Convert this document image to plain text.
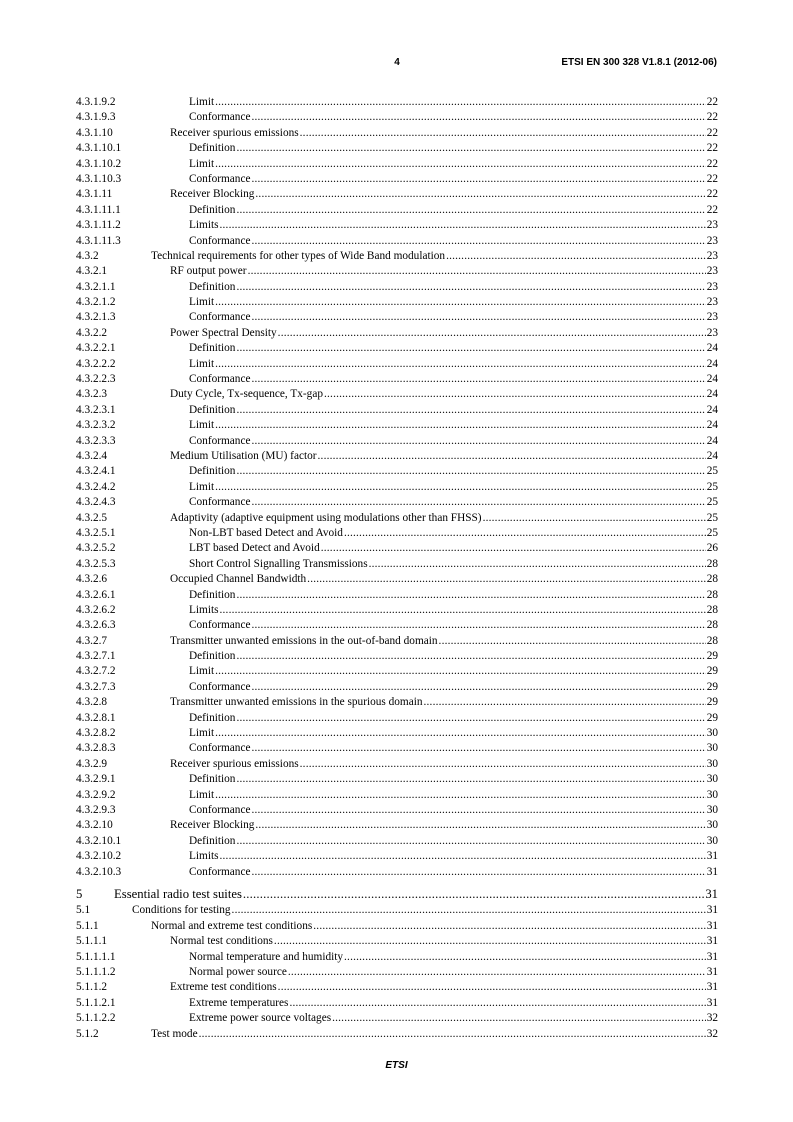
4	ETSI EN 300 328 V1.8.1 (2012-06)
4.3.1.9.2	Limit .....	22
4.3.1.9.3	Conformance .....	22
4.3.1.10	Receiver spurious emissions .....	22
4.3.1.10.1	Definition .....	22
4.3.1.10.2	Limit .....	22
4.3.1.10.3	Conformance .....	22
4.3.1.11	Receiver Blocking .....	22
4.3.1.11.1	Definition .....	22
4.3.1.11.2	Limits .....	23
4.3.1.11.3	Conformance .....	23
4.3.2	Technical requirements for other types of Wide Band modulation .....	23
4.3.2.1	RF output power .....	23
4.3.2.1.1	Definition .....	23
4.3.2.1.2	Limit .....	23
4.3.2.1.3	Conformance .....	23
4.3.2.2	Power Spectral Density .....	23
4.3.2.2.1	Definition .....	24
4.3.2.2.2	Limit .....	24
4.3.2.2.3	Conformance .....	24
4.3.2.3	Duty Cycle, Tx-sequence, Tx-gap .....	24
4.3.2.3.1	Definition .....	24
4.3.2.3.2	Limit .....	24
4.3.2.3.3	Conformance .....	24
4.3.2.4	Medium Utilisation (MU) factor .....	24
4.3.2.4.1	Definition .....	25
4.3.2.4.2	Limit .....	25
4.3.2.4.3	Conformance .....	25
4.3.2.5	Adaptivity (adaptive equipment using modulations other than FHSS) .....	25
4.3.2.5.1	Non-LBT based Detect and Avoid .....	25
4.3.2.5.2	LBT based Detect and Avoid .....	26
4.3.2.5.3	Short Control Signalling Transmissions .....	28
4.3.2.6	Occupied Channel Bandwidth .....	28
4.3.2.6.1	Definition .....	28
4.3.2.6.2	Limits .....	28
4.3.2.6.3	Conformance .....	28
4.3.2.7	Transmitter unwanted emissions in the out-of-band domain .....	28
4.3.2.7.1	Definition .....	29
4.3.2.7.2	Limit .....	29
4.3.2.7.3	Conformance .....	29
4.3.2.8	Transmitter unwanted emissions in the spurious domain .....	29
4.3.2.8.1	Definition .....	29
4.3.2.8.2	Limit .....	30
4.3.2.8.3	Conformance .....	30
4.3.2.9	Receiver spurious emissions .....	30
4.3.2.9.1	Definition .....	30
4.3.2.9.2	Limit .....	30
4.3.2.9.3	Conformance .....	30
4.3.2.10	Receiver Blocking .....	30
4.3.2.10.1	Definition .....	30
4.3.2.10.2	Limits .....	31
4.3.2.10.3	Conformance .....	31
5 Essential radio test suites .....	31
5.1	Conditions for testing .....	31
5.1.1	Normal and extreme test conditions .....	31
5.1.1.1	Normal test conditions .....	31
5.1.1.1.1	Normal temperature and humidity .....	31
5.1.1.1.2	Normal power source .....	31
5.1.1.2	Extreme test conditions .....	31
5.1.1.2.1	Extreme temperatures .....	31
5.1.1.2.2	Extreme power source voltages .....	32
5.1.2	Test mode .....	32
ETSI
